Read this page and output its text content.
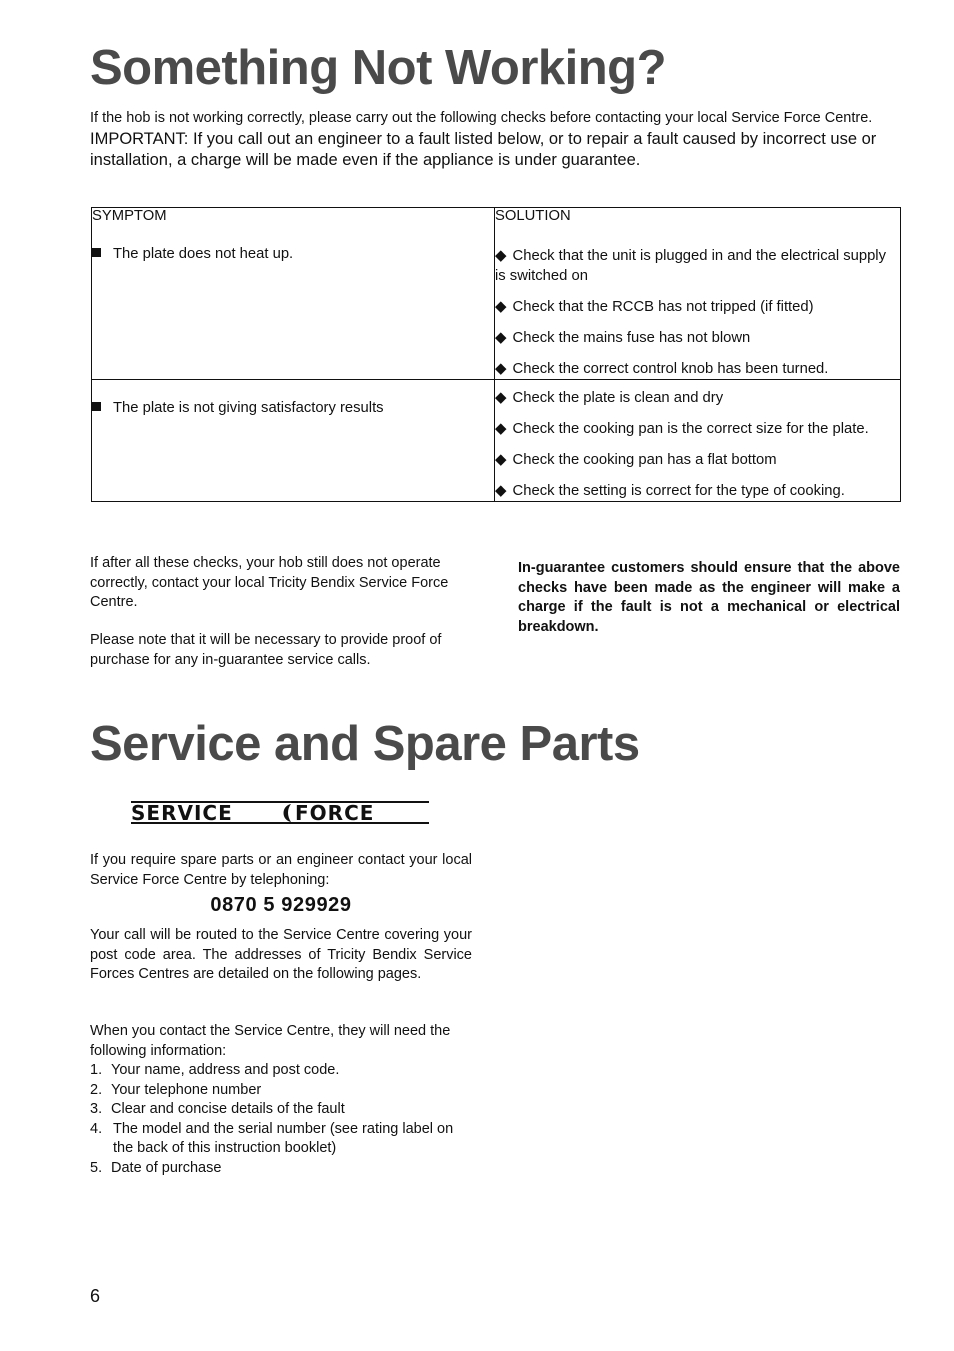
Something Not Working?

If the hob is not working correctly, please carry out the following checks before contacting your local Service Force Centre.

IMPORTANT: If you call out an engineer to a fault listed below, or to repair a fault caused by incorrect use or installation, a charge will be made even if the appliance is under guarantee.

SYMPTOM	SOLUTION
The plate does not heat up.	◆ Check that the unit is plugged in and the electrical supply is switched on
◆ Check that the RCCB has not tripped (if fitted)
◆ Check the mains fuse has not blown
◆ Check the correct control knob has been turned.

The plate is not giving satisfactory results	◆ Check the plate is clean and dry
◆ Check the cooking pan is the correct size for the plate.
◆ Check the cooking pan has a flat bottom
◆ Check the setting is correct for the type of cooking.

If after all these checks, your hob still does not operate correctly, contact your local Tricity Bendix Service Force Centre.

Please note that it will be necessary to provide proof of purchase for any in-guarantee service calls.

In-guarantee customers should ensure that the above checks have been made as the engineer will make a charge if the fault is not a mechanical or electrical breakdown.

Service and Spare Parts
SERVICE	FORCE

If you require spare parts or an engineer contact your local Service Force Centre by telephoning:

0870 5 929929

Your call will be routed to the Service Centre covering your post code area. The addresses of Tricity Bendix Service Forces Centres are detailed on the following pages.

When you contact the Service Centre, they will need the following information:

1. Your name, address and post code.
2. Your telephone number
3. Clear and concise details of the fault
4. The model and the serial number (see rating label on the back of this instruction booklet)
5. Date of purchase

6
